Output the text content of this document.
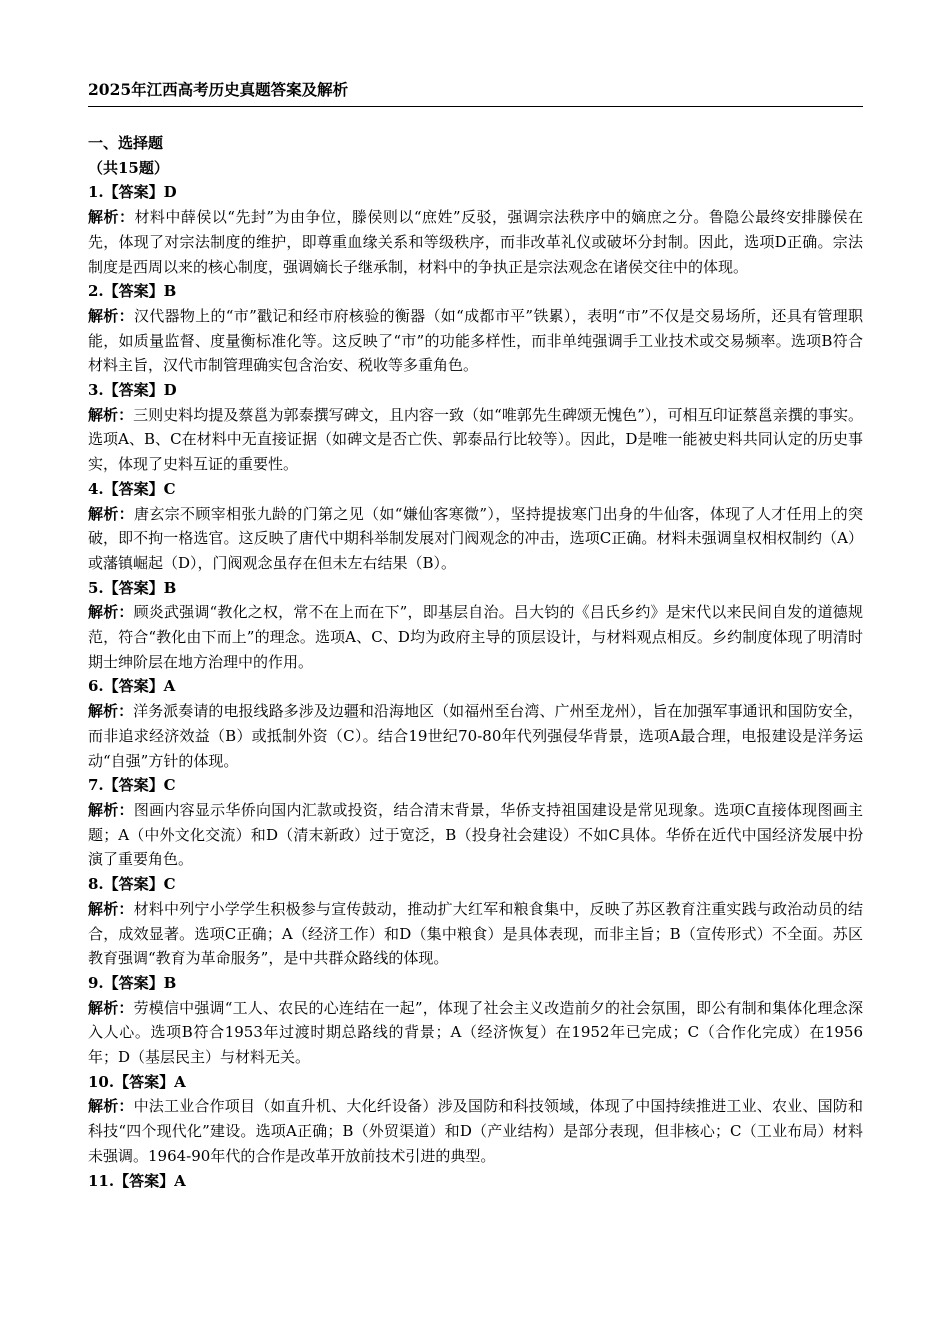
2025年江西高考历史真题答案及解析
一、选择题
（共15题）
1.【答案】D
解析：材料中薛侯以“先封”为由争位，滕侯则以“庶姓”反驳，强调宗法秩序中的嫡庶之分。鲁隐公最终安排滕侯在先，体现了对宗法制度的维护，即尊重血缘关系和等级秩序，而非改革礼仪或破坏分封制。因此，选项D正确。宗法制度是西周以来的核心制度，强调嫡长子继承制，材料中的争执正是宗法观念在诸侯交往中的体现。
2.【答案】B
解析：汉代器物上的“市”戳记和经市府核验的衡器（如“成都市平”铁累），表明“市”不仅是交易场所，还具有管理职能，如质量监督、度量衡标准化等。这反映了“市”的功能多样性，而非单纯强调手工业技术或交易频率。选项B符合材料主旨，汉代市制管理确实包含治安、税收等多重角色。
3.【答案】D
解析：三则史料均提及蔡邕为郭泰撰写碑文，且内容一致（如“唯郭先生碑颂无愧色”），可相互印证蔡邕亲撰的事实。选项A、B、C在材料中无直接证据（如碑文是否亡佚、郭泰品行比较等）。因此，D是唯一能被史料共同认定的历史事实，体现了史料互证的重要性。
4.【答案】C
解析：唐玄宗不顾宰相张九龄的门第之见（如“嫌仙客寒微”），坚持提拔寒门出身的牛仙客，体现了人才任用上的突破，即不拘一格选官。这反映了唐代中期科举制发展对门阀观念的冲击，选项C正确。材料未强调皇权相权制约（A）或藩镇崛起（D），门阀观念虽存在但未左右结果（B）。
5.【答案】B
解析：顾炎武强调“教化之权，常不在上而在下”，即基层自治。吕大钧的《吕氏乡约》是宋代以来民间自发的道德规范，符合“教化由下而上”的理念。选项A、C、D均为政府主导的顶层设计，与材料观点相反。乡约制度体现了明清时期士绅阶层在地方治理中的作用。
6.【答案】A
解析：洋务派奏请的电报线路多涉及边疆和沿海地区（如福州至台湾、广州至龙州），旨在加强军事通讯和国防安全，而非追求经济效益（B）或抵制外资（C）。结合19世纪70-80年代列强侵华背景，选项A最合理，电报建设是洋务运动“自强”方针的体现。
7.【答案】C
解析：图画内容显示华侨向国内汇款或投资，结合清末背景，华侨支持祖国建设是常见现象。选项C直接体现图画主题；A（中外文化交流）和D（清末新政）过于宽泛，B（投身社会建设）不如C具体。华侨在近代中国经济发展中扮演了重要角色。
8.【答案】C
解析：材料中列宁小学学生积极参与宣传鼓动，推动扩大红军和粮食集中，反映了苏区教育注重实践与政治动员的结合，成效显著。选项C正确；A（经济工作）和D（集中粮食）是具体表现，而非主旨；B（宣传形式）不全面。苏区教育强调“教育为革命服务”，是中共群众路线的体现。
9.【答案】B
解析：劳模信中强调“工人、农民的心连结在一起”，体现了社会主义改造前夕的社会氛围，即公有制和集体化理念深入人心。选项B符合1953年过渡时期总路线的背景；A（经济恢复）在1952年已完成；C（合作化完成）在1956年；D（基层民主）与材料无关。
10.【答案】A
解析：中法工业合作项目（如直升机、大化纤设备）涉及国防和科技领域，体现了中国持续推进工业、农业、国防和科技“四个现代化”建设。选项A正确；B（外贸渠道）和D（产业结构）是部分表现，但非核心；C（工业布局）材料未强调。1964-90年代的合作是改革开放前技术引进的典型。
11.【答案】A
